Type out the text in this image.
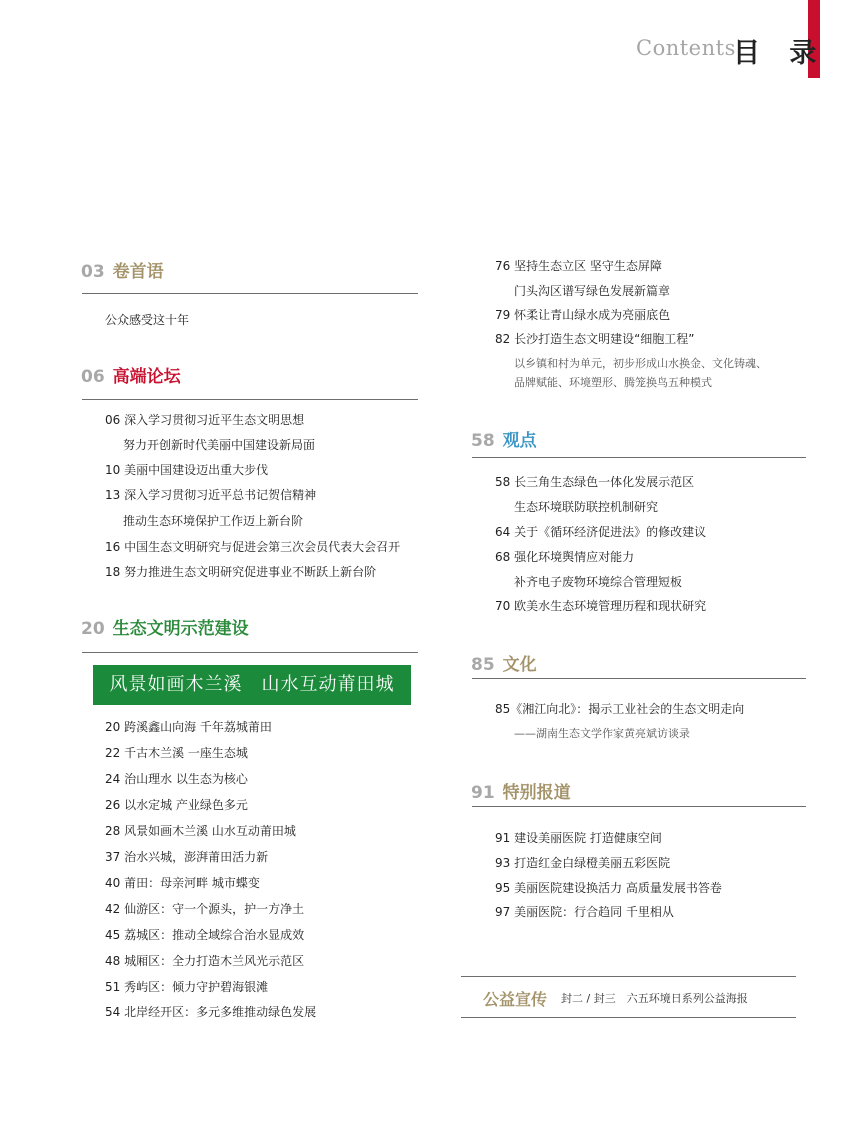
Contents
目 录
03 卷首语
公众感受这十年
06 高端论坛
06 深入学习贯彻习近平生态文明思想
努力开创新时代美丽中国建设新局面
10 美丽中国建设迈出重大步伐
13 深入学习贯彻习近平总书记贺信精神
推动生态环境保护工作迈上新台阶
16 中国生态文明研究与促进会第三次会员代表大会召开
18 努力推进生态文明研究促进事业不断跃上新台阶
20 生态文明示范建设
风景如画木兰溪　山水互动莆田城
20 跨溪鑫山向海 千年荔城莆田
22 千古木兰溪 一座生态城
24 治山理水 以生态为核心
26 以水定城 产业绿色多元
28 风景如画木兰溪 山水互动莆田城
37 治水兴城，澎湃莆田活力新
40 莆田：母亲河畔 城市蝶变
42 仙游区：守一个源头，护一方净土
45 荔城区：推动全域综合治水显成效
48 城厢区：全力打造木兰风光示范区
51 秀屿区：倾力守护碧海银滩
54 北岸经开区：多元多维推动绿色发展
76 坚持生态立区 坚守生态屏障
门头沟区谱写绿色发展新篇章
79 怀柔让青山绿水成为亮丽底色
82 长沙打造生态文明建设“细胞工程”
以乡镇和村为单元，初步形成山水换金、文化铸魂、
品牌赋能、环境塑形、腾笼换鸟五种模式
58 观点
58 长三角生态绿色一体化发展示范区
生态环境联防联控机制研究
64 关于《循环经济促进法》的修改建议
68 强化环境舆情应对能力
补齐电子废物环境综合管理短板
70 欧美水生态环境管理历程和现状研究
85 文化
85《湘江向北》：揭示工业社会的生态文明走向
——湖南生态文学作家黄亮斌访谈录
91 特别报道
91 建设美丽医院 打造健康空间
93 打造红金白绿橙美丽五彩医院
95 美丽医院建设换活力 高质量发展书答卷
97 美丽医院：行合趋同 千里相从
公益宣传 封二 / 封三　六五环境日系列公益海报
